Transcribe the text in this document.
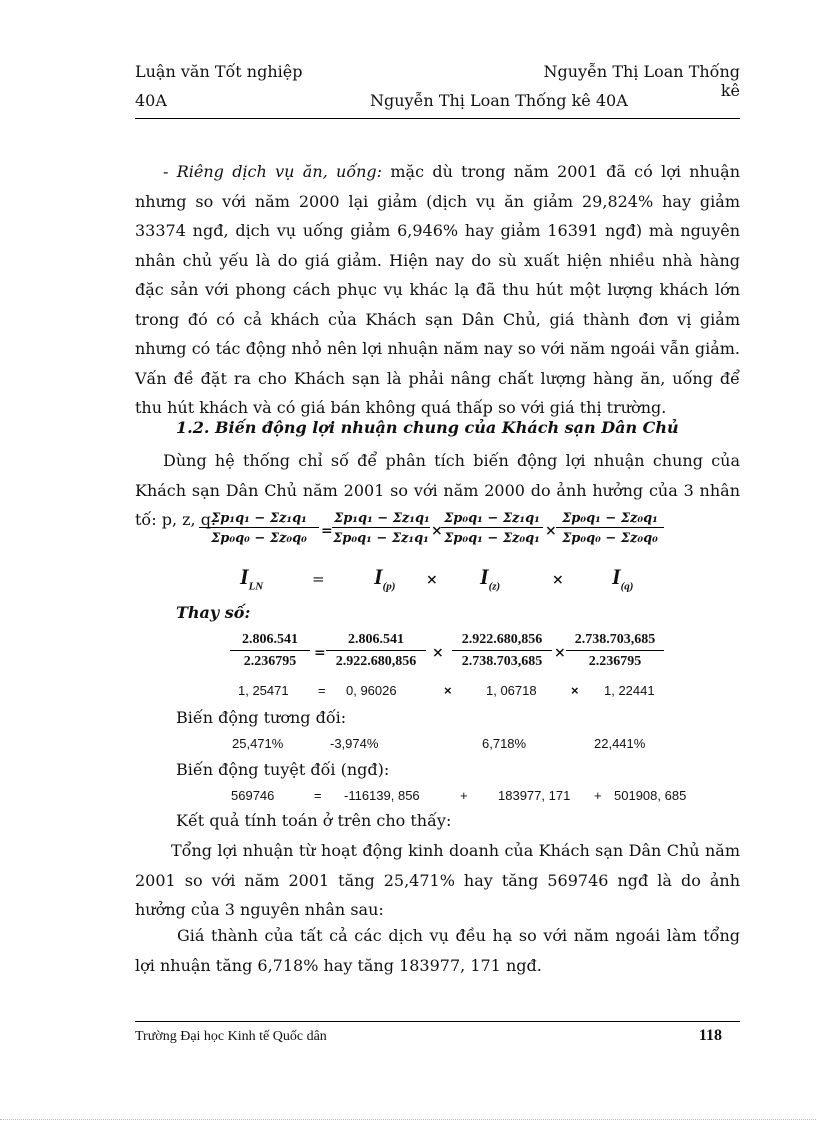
Luận văn Tốt nghiệp	Nguyễn Thị Loan Thống kê
40A	Nguyễn Thị Loan Thống kê 40A
- Riêng dịch vụ ăn, uống: mặc dù trong năm 2001 đã có lợi nhuận nhưng so với năm 2000 lại giảm (dịch vụ ăn giảm 29,824% hay giảm 33374 ngđ, dịch vụ uống giảm 6,946% hay giảm 16391 ngđ) mà nguyên nhân chủ yếu là do giá giảm. Hiện nay do sù xuất hiện nhiều nhà hàng đặc sản với phong cách phục vụ khác lạ đã thu hút một lượng khách lớn trong đó có cả khách của Khách sạn Dân Chủ, giá thành đơn vị giảm nhưng có tác động nhỏ nên lợi nhuận năm nay so với năm ngoái vẫn giảm. Vấn đề đặt ra cho Khách sạn là phải nâng chất lượng hàng ăn, uống để thu hút khách và có giá bán không quá thấp so với giá thị trường.
1.2. Biến động lợi nhuận chung của Khách sạn Dân Chủ
Dùng hệ thống chỉ số để phân tích biến động lợi nhuận chung của Khách sạn Dân Chủ năm 2001 so với năm 2000 do ảnh hưởng của 3 nhân tố: p, z, q.
$\frac{\text{Σp₁q₁ − Σz₁q₁}}{\text{Σp₀q₀ − Σz₀q₀}} = \frac{\text{Σp₁q₁ − Σz₁q₁}}{\text{Σp₀q₁ − Σz₁q₁}}$ ×
$\frac{\text{Σp₀q₁ − Σz₁q₁}}{\text{Σp₀q₁ − Σz₀q₁}} \times \frac{\text{Σp₀q₁ − Σz₀q₁}}{\text{Σp₀q₀ − Σz₀q₀}}$
$I_{LN}$	= $I_{(p)} \times I_{(z)}$	× $I_{(q)}$
Thay số:
$\frac{2.806.541}{2.236795} = \frac{2.806.541}{2.922.680,856} \times \frac{2.922.680,856}{2.738.703,685} \times \frac{2.738.703,685}{2.236795}$
1, 25471 = 0, 96026	×	1, 06718	× 1, 22441
Biến động tương đối:
25,471%	-3,974%	6,718%	22,441%
Biến động tuyệt đối (ngđ):
569746	= -116139, 856	+ 183977, 171 + 501908, 685
Kết quả tính toán ở trên cho thấy:
Tổng lợi nhuận từ hoạt động kinh doanh của Khách sạn Dân Chủ năm 2001 so với năm 2001 tăng 25,471% hay tăng 569746 ngđ là do ảnh hưởng của 3 nguyên nhân sau:
Giá thành của tất cả các dịch vụ đều hạ so với năm ngoái làm tổng lợi nhuận tăng 6,718% hay tăng 183977, 171 ngđ.
Trường Đại học Kinh tế Quốc dân	118
